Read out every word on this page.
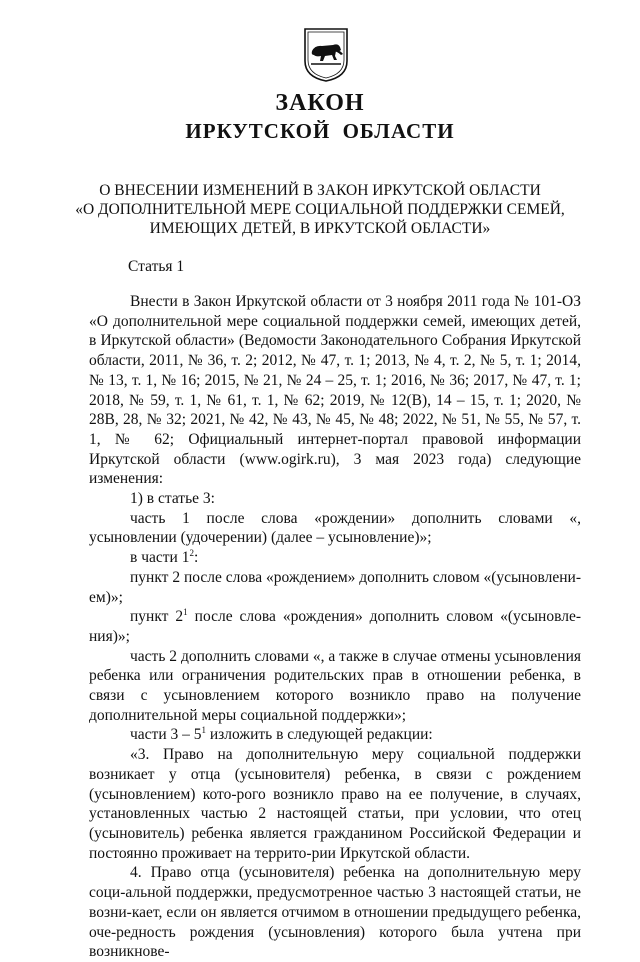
ЗАКОН
ИРКУТСКОЙ ОБЛАСТИ
О ВНЕСЕНИИ ИЗМЕНЕНИЙ В ЗАКОН ИРКУТСКОЙ ОБЛАСТИ
«О ДОПОЛНИТЕЛЬНОЙ МЕРЕ СОЦИАЛЬНОЙ ПОДДЕРЖКИ СЕМЕЙ,
ИМЕЮЩИХ ДЕТЕЙ, В ИРКУТСКОЙ ОБЛАСТИ»
Статья 1

Внести в Закон Иркутской области от 3 ноября 2011 года № 101-ОЗ «О дополнительной мере социальной поддержки семей, имеющих детей, в Иркутской области» (Ведомости Законодательного Собрания Иркутской области, 2011, № 36, т. 2; 2012, № 47, т. 1; 2013, № 4, т. 2, № 5, т. 1; 2014, № 13, т. 1, № 16; 2015, № 21, № 24 – 25, т. 1; 2016, № 36; 2017, № 47, т. 1; 2018, № 59, т. 1, № 61, т. 1, № 62; 2019, № 12(В), 14 – 15, т. 1; 2020, № 28В, 28, № 32; 2021, № 42, № 43, № 45, № 48; 2022, № 51, № 55, № 57, т. 1, № 62; Официальный интернет-портал правовой информации Иркутской области (www.ogirk.ru), 3 мая 2023 года) следующие изменения:

1) в статье 3:

часть 1 после слова «рождении» дополнить словами «, усыновлении (удочерении) (далее – усыновление)»;

в части $1^2$:

пункт 2 после слова «рождением» дополнить словом «(усыновлени-ем)»;

пункт $2^1$ после слова «рождения» дополнить словом «(усыновле-ния)»;

часть 2 дополнить словами «, а также в случае отмены усыновления ребенка или ограничения родительских прав в отношении ребенка, в связи с усыновлением которого возникло право на получение дополнительной меры социальной поддержки»;

части $3 - 5^1$ изложить в следующей редакции:

«3. Право на дополнительную меру социальной поддержки возникает у отца (усыновителя) ребенка, в связи с рождением (усыновлением) кото-рого возникло право на ее получение, в случаях, установленных частью 2 настоящей статьи, при условии, что отец (усыновитель) ребенка является гражданином Российской Федерации и постоянно проживает на террито-рии Иркутской области.

4. Право отца (усыновителя) ребенка на дополнительную меру соци-альной поддержки, предусмотренное частью 3 настоящей статьи, не возни-кает, если он является отчимом в отношении предыдущего ребенка, оче-редность рождения (усыновления) которого была учтена при возникнове-
